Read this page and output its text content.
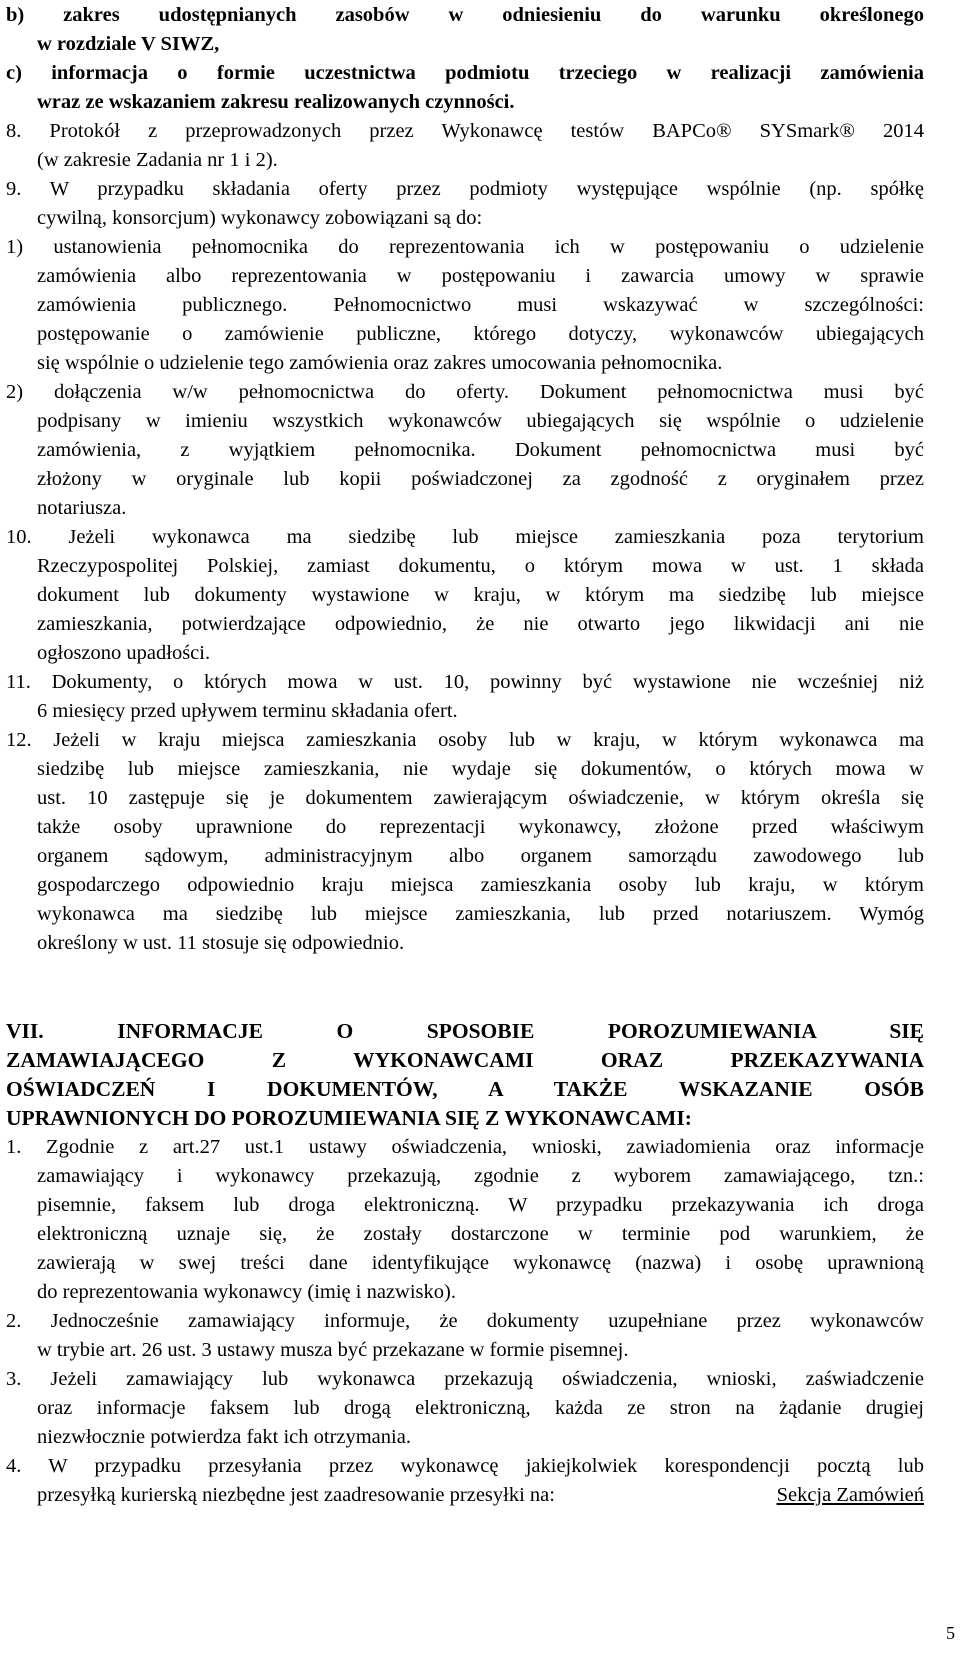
b) zakres udostępnianych zasobów w odniesieniu do warunku określonego
w rozdziale V SIWZ,
c) informacja o formie uczestnictwa podmiotu trzeciego w realizacji zamówienia
wraz ze wskazaniem zakresu realizowanych czynności.
8. Protokół z przeprowadzonych przez Wykonawcę testów BAPCo® SYSmark® 2014
(w zakresie Zadania nr 1 i 2).
9. W przypadku składania oferty przez podmioty występujące wspólnie (np. spółkę
cywilną, konsorcjum) wykonawcy zobowiązani są do:
1) ustanowienia pełnomocnika do reprezentowania ich w postępowaniu o udzielenie
zamówienia albo reprezentowania w postępowaniu i zawarcia umowy w sprawie
zamówienia publicznego. Pełnomocnictwo musi wskazywać w szczególności:
postępowanie o zamówienie publiczne, którego dotyczy, wykonawców ubiegających
się wspólnie o udzielenie tego zamówienia oraz zakres umocowania pełnomocnika.
2) dołączenia w/w pełnomocnictwa do oferty. Dokument pełnomocnictwa musi być
podpisany w imieniu wszystkich wykonawców ubiegających się wspólnie o udzielenie
zamówienia, z wyjątkiem pełnomocnika. Dokument pełnomocnictwa musi być
złożony w oryginale lub kopii poświadczonej za zgodność z oryginałem przez
notariusza.
10. Jeżeli wykonawca ma siedzibę lub miejsce zamieszkania poza terytorium
Rzeczypospolitej Polskiej, zamiast dokumentu, o którym mowa w ust. 1 składa
dokument lub dokumenty wystawione w kraju, w którym ma siedzibę lub miejsce
zamieszkania, potwierdzające odpowiednio, że nie otwarto jego likwidacji ani nie
ogłoszono upadłości.
11. Dokumenty, o których mowa w ust. 10, powinny być wystawione nie wcześniej niż
6 miesięcy przed upływem terminu składania ofert.
12. Jeżeli w kraju miejsca zamieszkania osoby lub w kraju, w którym wykonawca ma
siedzibę lub miejsce zamieszkania, nie wydaje się dokumentów, o których mowa w
ust. 10 zastępuje się je dokumentem zawierającym oświadczenie, w którym określa się
także osoby uprawnione do reprezentacji wykonawcy, złożone przed właściwym
organem sądowym, administracyjnym albo organem samorządu zawodowego lub
gospodarczego odpowiednio kraju miejsca zamieszkania osoby lub kraju, w którym
wykonawca ma siedzibę lub miejsce zamieszkania, lub przed notariuszem. Wymóg
określony w ust. 11 stosuje się odpowiednio.
VII. INFORMACJE O SPOSOBIE POROZUMIEWANIA SIĘ
ZAMAWIAJĄCEGO Z WYKONAWCAMI ORAZ PRZEKAZYWANIA
OŚWIADCZEŃ I DOKUMENTÓW, A TAKŻE WSKAZANIE OSÓB
UPRAWNIONYCH DO POROZUMIEWANIA SIĘ Z WYKONAWCAMI:
1. Zgodnie z art.27 ust.1 ustawy oświadczenia, wnioski, zawiadomienia oraz informacje
zamawiający i wykonawcy przekazują, zgodnie z wyborem zamawiającego, tzn.:
pisemnie, faksem lub droga elektroniczną. W przypadku przekazywania ich droga
elektroniczną uznaje się, że zostały dostarczone w terminie pod warunkiem, że
zawierają w swej treści dane identyfikujące wykonawcę (nazwa) i osobę uprawnioną
do reprezentowania wykonawcy (imię i nazwisko).
2. Jednocześnie zamawiający informuje, że dokumenty uzupełniane przez wykonawców
w trybie art. 26 ust. 3 ustawy musza być przekazane w formie pisemnej.
3. Jeżeli zamawiający lub wykonawca przekazują oświadczenia, wnioski, zaświadczenie
oraz informacje faksem lub drogą elektroniczną, każda ze stron na żądanie drugiej
niezwłocznie potwierdza fakt ich otrzymania.
4. W przypadku przesyłania przez wykonawcę jakiejkolwiek korespondencji pocztą lub
przesyłką kurierską niezbędne jest zaadresowanie przesyłki na:	Sekcja Zamówień
5
